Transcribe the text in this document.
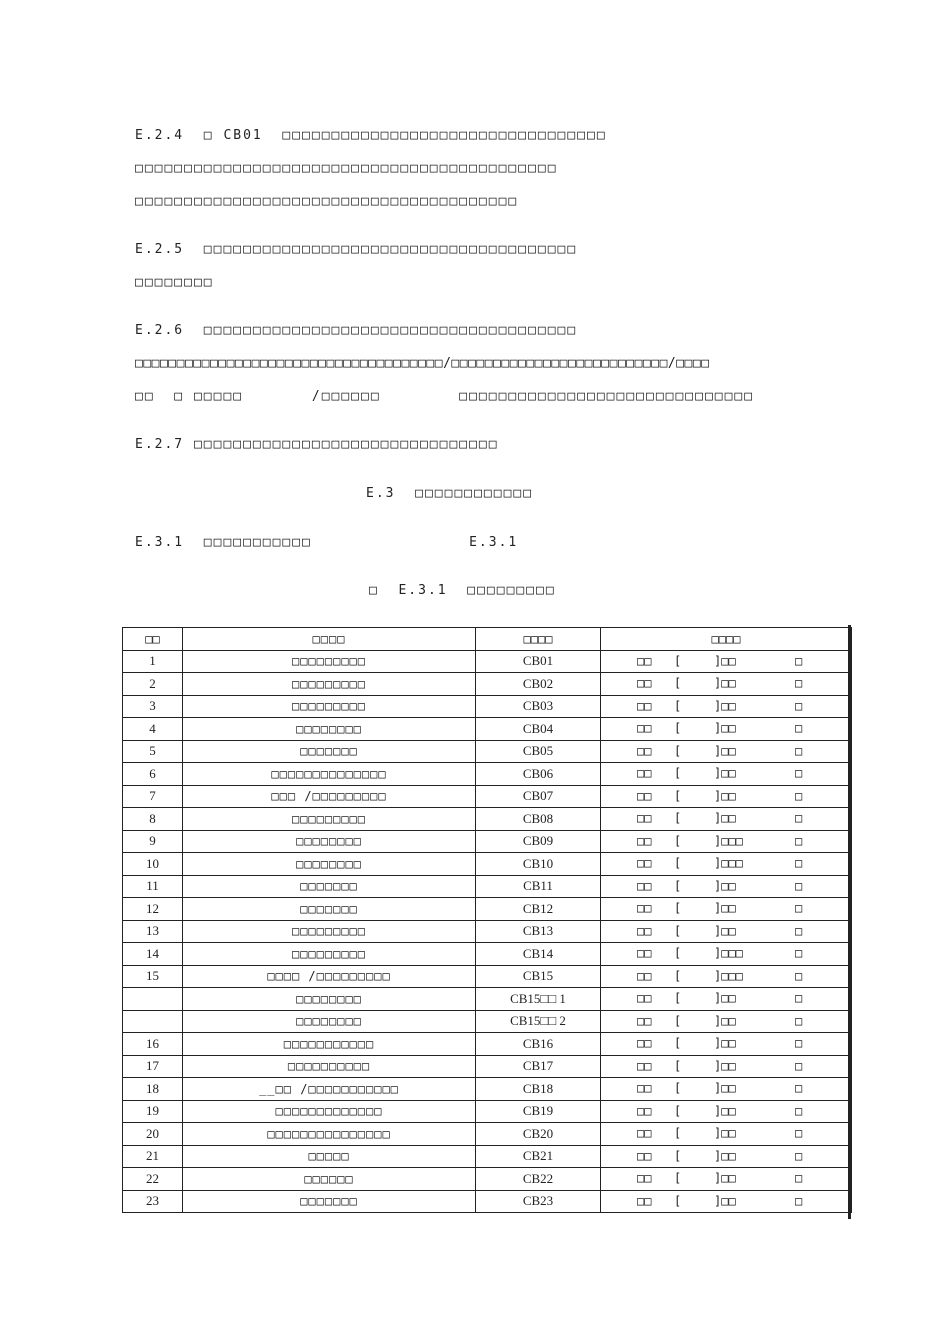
E.2.4  □ CB01  □□□□□□□□□□□□□□□□□□□□□□□□□□□□□□□□□
□□□□□□□□□□□□□□□□□□□□□□□□□□□□□□□□□□□□□□□□□□□
□□□□□□□□□□□□□□□□□□□□□□□□□□□□□□□□□□□□□□□
E.2.5  □□□□□□□□□□□□□□□□□□□□□□□□□□□□□□□□□□□□□□
□□□□□□□□
E.2.6  □□□□□□□□□□□□□□□□□□□□□□□□□□□□□□□□□□□□□□
□□□□□□□□□□□□□□□□□□□□□□□□□□□□□□□□□□□□□/□□□□□□□□□□□□□□□□□□□□□□□□□□/□□□□
□□  □ □□□□□       /□□□□□□        □□□□□□□□□□□□□□□□□□□□□□□□□□□□□□
E.2.7 □□□□□□□□□□□□□□□□□□□□□□□□□□□□□□□
E.3  □□□□□□□□□□□□
E.3.1  □□□□□□□□□□□                E.3.1
□  E.3.1  □□□□□□□□□
□□	□□□□	□□□□	□□□□
1	□□□□□□□□□	CB01	□□ [ ]□□ □

2	□□□□□□□□□	CB02	□□ [ ]□□ □

3	□□□□□□□□□	CB03	□□ [ ]□□ □

4	□□□□□□□□	CB04	□□ [ ]□□ □

5	□□□□□□□	CB05	□□ [ ]□□ □

6	□□□□□□□□□□□□□□	CB06	□□ [ ]□□ □

7	□□□ /□□□□□□□□□	CB07	□□ [ ]□□ □

8	□□□□□□□□□	CB08	□□ [ ]□□ □

9	□□□□□□□□	CB09	□□ [ ]□□□ □

10	□□□□□□□□	CB10	□□ [ ]□□□ □

11	□□□□□□□	CB11	□□ [ ]□□ □

12	□□□□□□□	CB12	□□ [ ]□□ □

13	□□□□□□□□□	CB13	□□ [ ]□□ □

14	□□□□□□□□□	CB14	□□ [ ]□□□ □

15	□□□□ /□□□□□□□□□	CB15	□□ [ ]□□□ □

	□□□□□□□□	CB15□□ 1	□□ [ ]□□ □

	□□□□□□□□	CB15□□ 2	□□ [ ]□□ □

16	□□□□□□□□□□□	CB16	□□ [ ]□□ □

17	□□□□□□□□□□	CB17	□□ [ ]□□ □

18	__□□ /□□□□□□□□□□□	CB18	□□ [ ]□□ □

19	□□□□□□□□□□□□□	CB19	□□ [ ]□□ □

20	□□□□□□□□□□□□□□□	CB20	□□ [ ]□□ □

21	□□□□□	CB21	□□ [ ]□□ □

22	□□□□□□	CB22	□□ [ ]□□ □

23	□□□□□□□	CB23	□□ [ ]□□ □
